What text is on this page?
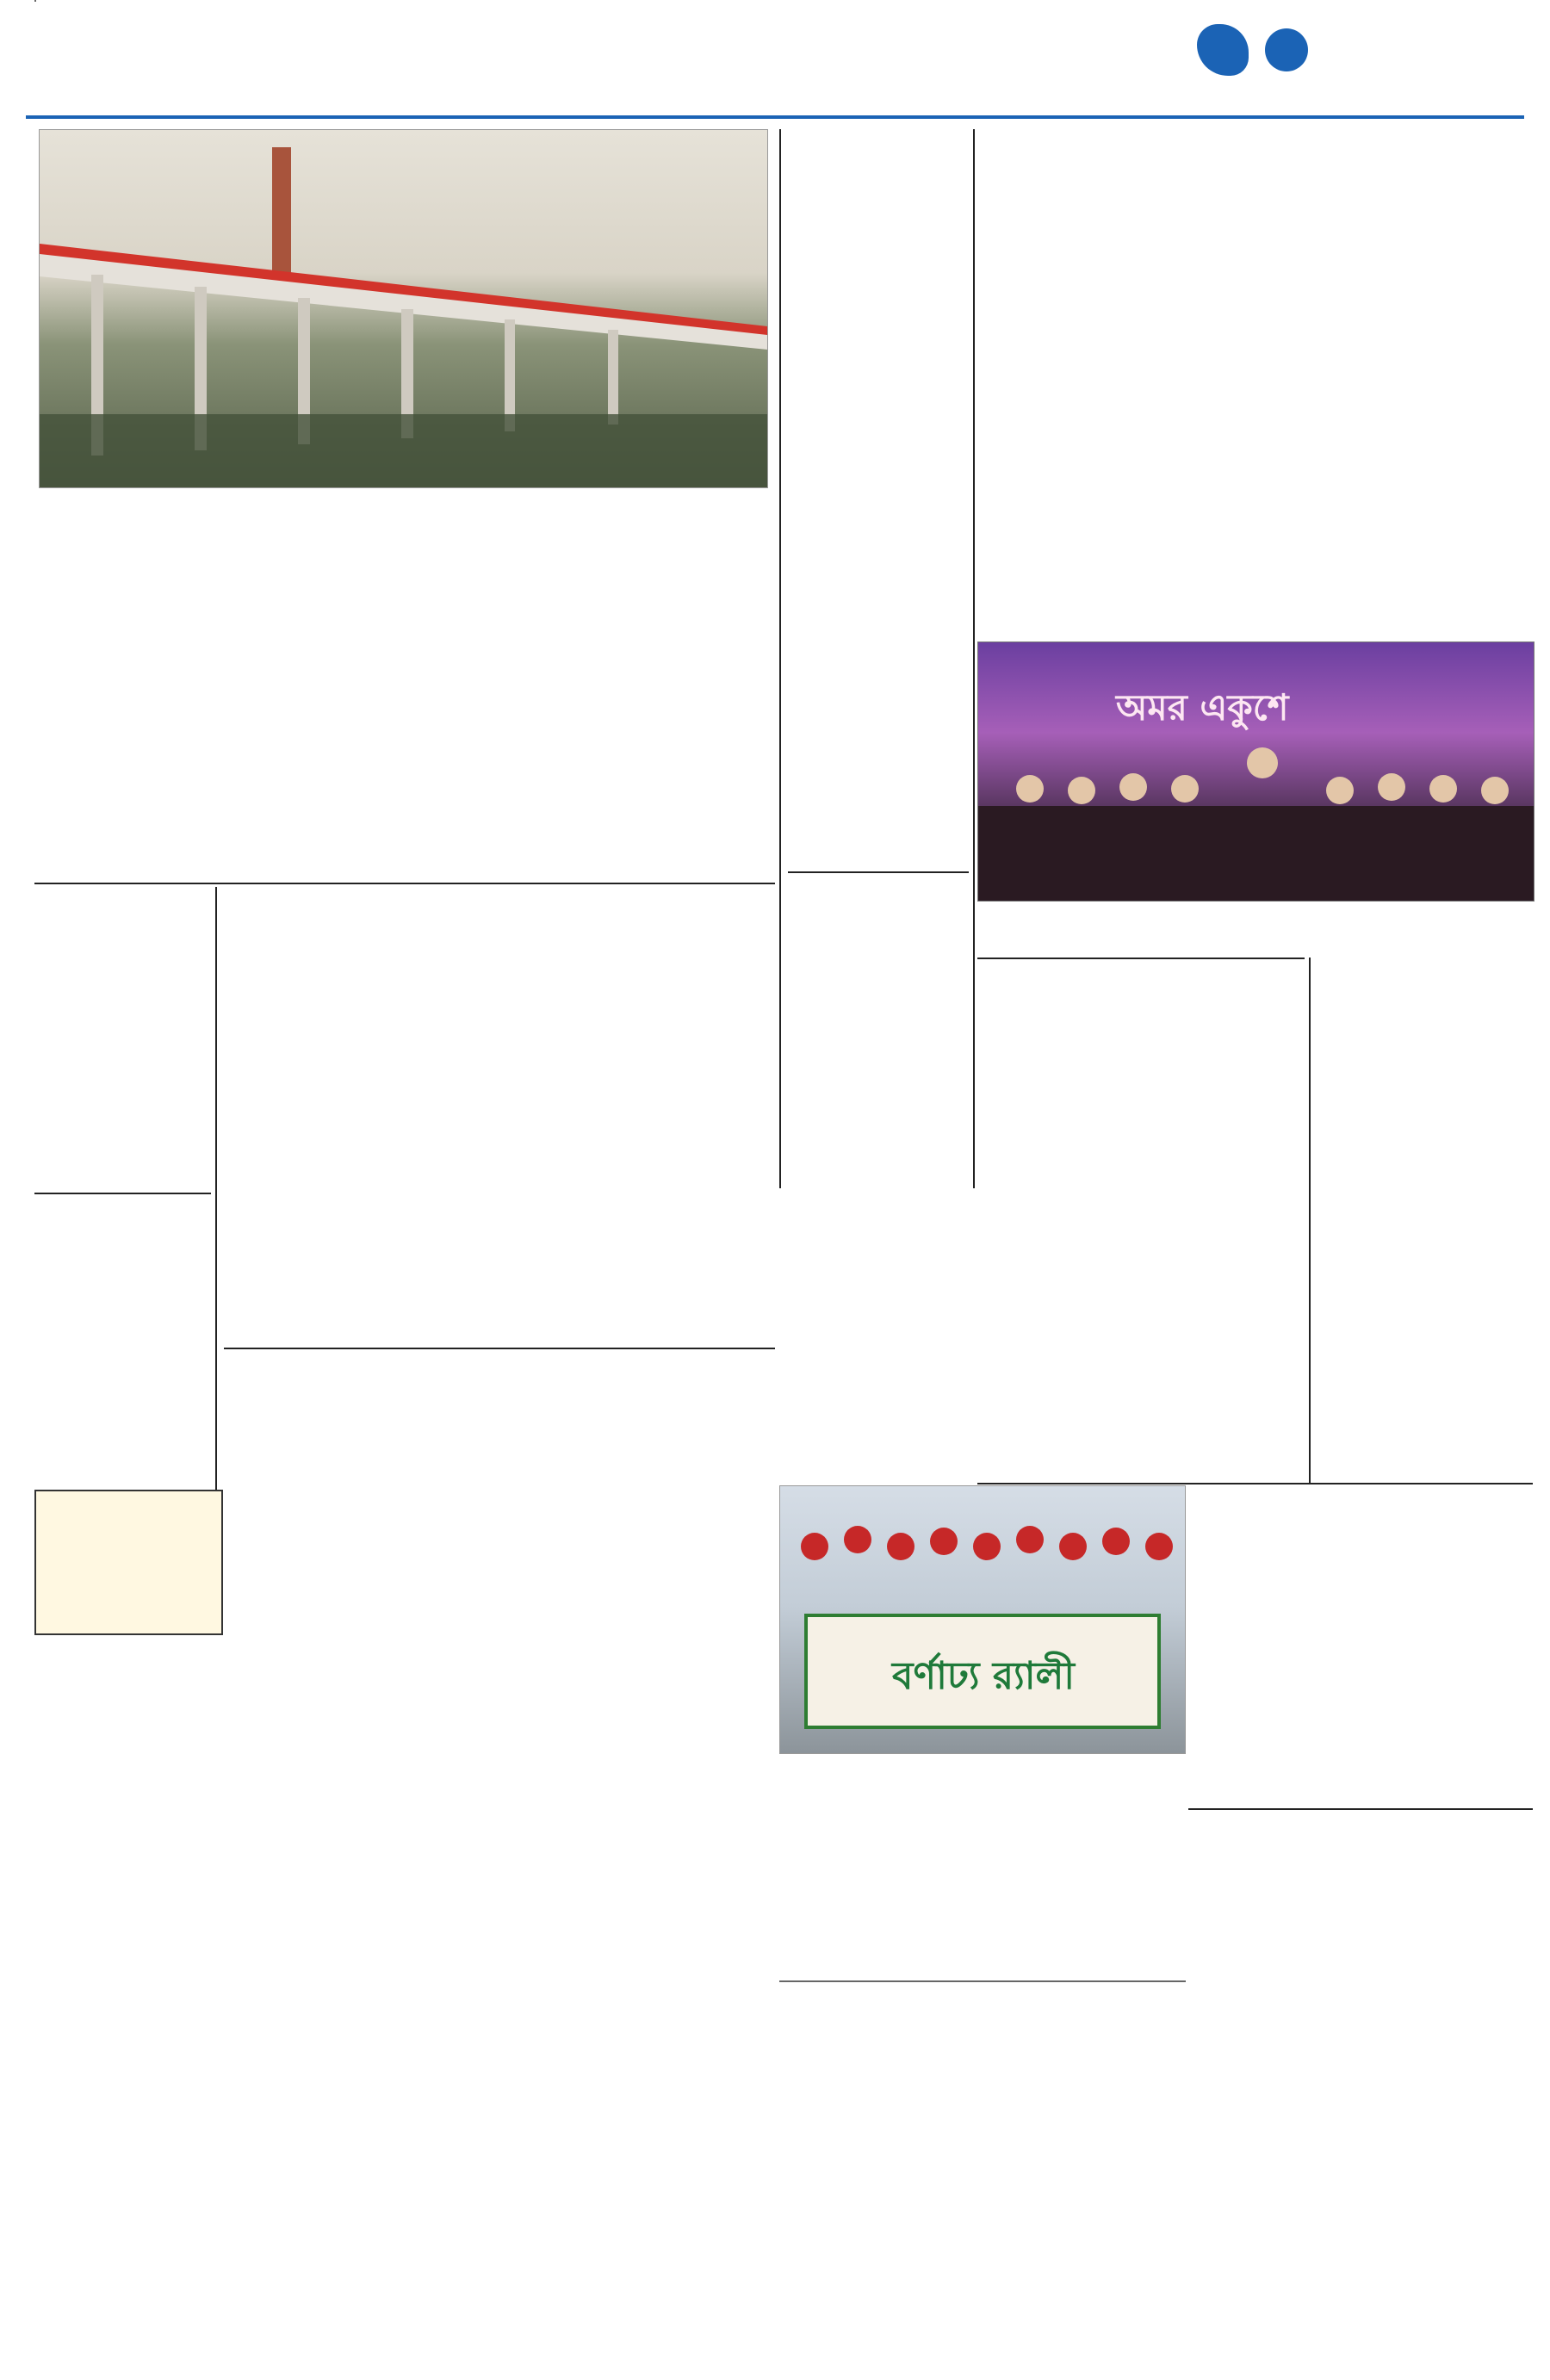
অমর একুশে
বর্ণাঢ্য র‍্যালী
